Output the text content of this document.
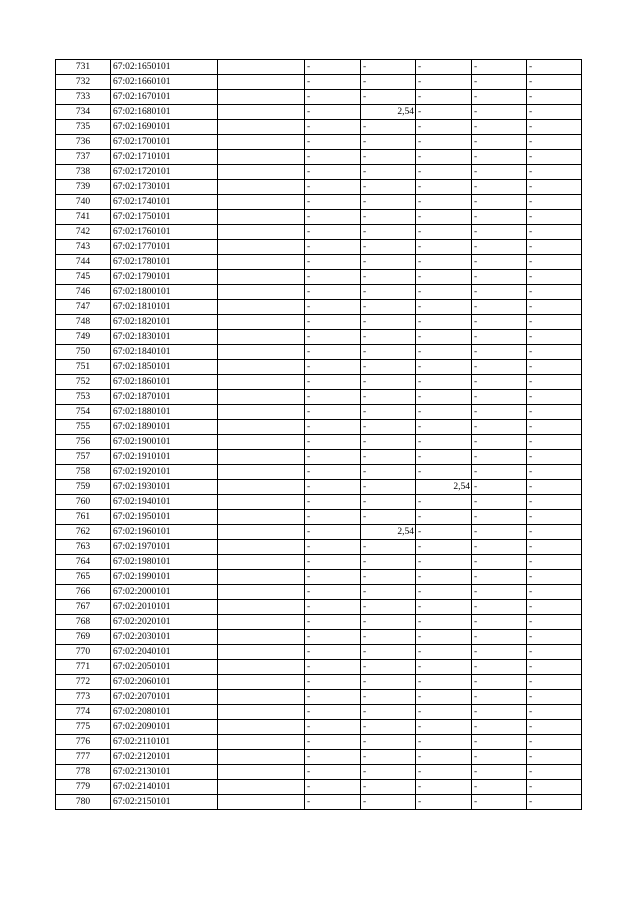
731	67:02:1650101		-	-	-	-	-
732	67:02:1660101		-	-	-	-	-
733	67:02:1670101		-	-	-	-	-
734	67:02:1680101		-	2,54	-	-	-
735	67:02:1690101		-	-	-	-	-
736	67:02:1700101		-	-	-	-	-
737	67:02:1710101		-	-	-	-	-
738	67:02:1720101		-	-	-	-	-
739	67:02:1730101		-	-	-	-	-
740	67:02:1740101		-	-	-	-	-
741	67:02:1750101		-	-	-	-	-
742	67:02:1760101		-	-	-	-	-
743	67:02:1770101		-	-	-	-	-
744	67:02:1780101		-	-	-	-	-
745	67:02:1790101		-	-	-	-	-
746	67:02:1800101		-	-	-	-	-
747	67:02:1810101		-	-	-	-	-
748	67:02:1820101		-	-	-	-	-
749	67:02:1830101		-	-	-	-	-
750	67:02:1840101		-	-	-	-	-
751	67:02:1850101		-	-	-	-	-
752	67:02:1860101		-	-	-	-	-
753	67:02:1870101		-	-	-	-	-
754	67:02:1880101		-	-	-	-	-
755	67:02:1890101		-	-	-	-	-
756	67:02:1900101		-	-	-	-	-
757	67:02:1910101		-	-	-	-	-
758	67:02:1920101		-	-	-	-	-
759	67:02:1930101		-	-	2,54	-	-
760	67:02:1940101		-	-	-	-	-
761	67:02:1950101		-	-	-	-	-
762	67:02:1960101		-	2,54	-	-	-
763	67:02:1970101		-	-	-	-	-
764	67:02:1980101		-	-	-	-	-
765	67:02:1990101		-	-	-	-	-
766	67:02:2000101		-	-	-	-	-
767	67:02:2010101		-	-	-	-	-
768	67:02:2020101		-	-	-	-	-
769	67:02:2030101		-	-	-	-	-
770	67:02:2040101		-	-	-	-	-
771	67:02:2050101		-	-	-	-	-
772	67:02:2060101		-	-	-	-	-
773	67:02:2070101		-	-	-	-	-
774	67:02:2080101		-	-	-	-	-
775	67:02:2090101		-	-	-	-	-
776	67:02:2110101		-	-	-	-	-
777	67:02:2120101		-	-	-	-	-
778	67:02:2130101		-	-	-	-	-
779	67:02:2140101		-	-	-	-	-
780	67:02:2150101		-	-	-	-	-
